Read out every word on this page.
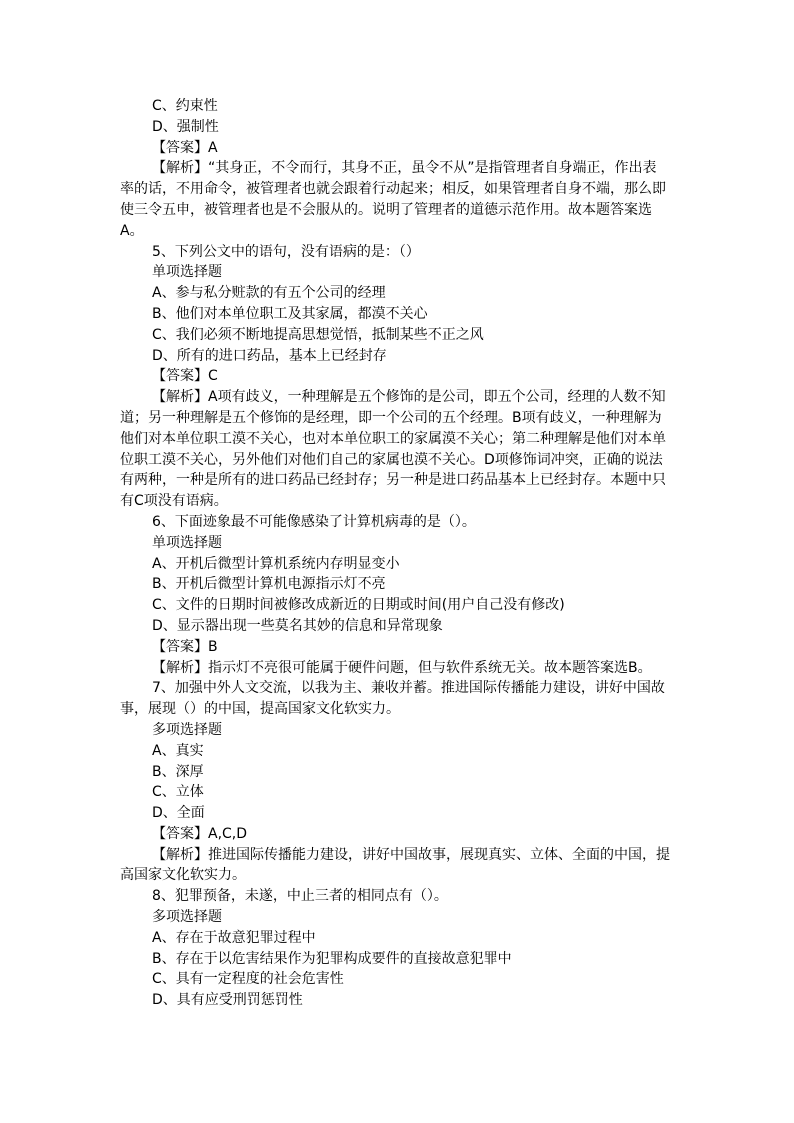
C、约束性
D、强制性
【答案】A
【解析】“其身正，不令而行，其身不正，虽令不从”是指管理者自身端正，作出表
率的话，不用命令，被管理者也就会跟着行动起来；相反，如果管理者自身不端，那么即
使三令五申，被管理者也是不会服从的。说明了管理者的道德示范作用。故本题答案选
A。
5、下列公文中的语句，没有语病的是：（）
单项选择题
A、参与私分赃款的有五个公司的经理
B、他们对本单位职工及其家属，都漠不关心
C、我们必须不断地提高思想觉悟，抵制某些不正之风
D、所有的进口药品，基本上已经封存
【答案】C
【解析】A项有歧义，一种理解是五个修饰的是公司，即五个公司，经理的人数不知
道；另一种理解是五个修饰的是经理，即一个公司的五个经理。B项有歧义，一种理解为
他们对本单位职工漠不关心，也对本单位职工的家属漠不关心；第二种理解是他们对本单
位职工漠不关心，另外他们对他们自己的家属也漠不关心。D项修饰词冲突，正确的说法
有两种，一种是所有的进口药品已经封存；另一种是进口药品基本上已经封存。本题中只
有C项没有语病。
6、下面迹象最不可能像感染了计算机病毒的是（）。
单项选择题
A、开机后微型计算机系统内存明显变小
B、开机后微型计算机电源指示灯不亮
C、文件的日期时间被修改成新近的日期或时间(用户自己没有修改)
D、显示器出现一些莫名其妙的信息和异常现象
【答案】B
【解析】指示灯不亮很可能属于硬件问题，但与软件系统无关。故本题答案选B。
7、加强中外人文交流，以我为主、兼收并蓄。推进国际传播能力建设，讲好中国故
事，展现（）的中国，提高国家文化软实力。
多项选择题
A、真实
B、深厚
C、立体
D、全面
【答案】A,C,D
【解析】推进国际传播能力建设，讲好中国故事，展现真实、立体、全面的中国，提
高国家文化软实力。
8、犯罪预备，未遂，中止三者的相同点有（）。
多项选择题
A、存在于故意犯罪过程中
B、存在于以危害结果作为犯罪构成要件的直接故意犯罪中
C、具有一定程度的社会危害性
D、具有应受刑罚惩罚性
